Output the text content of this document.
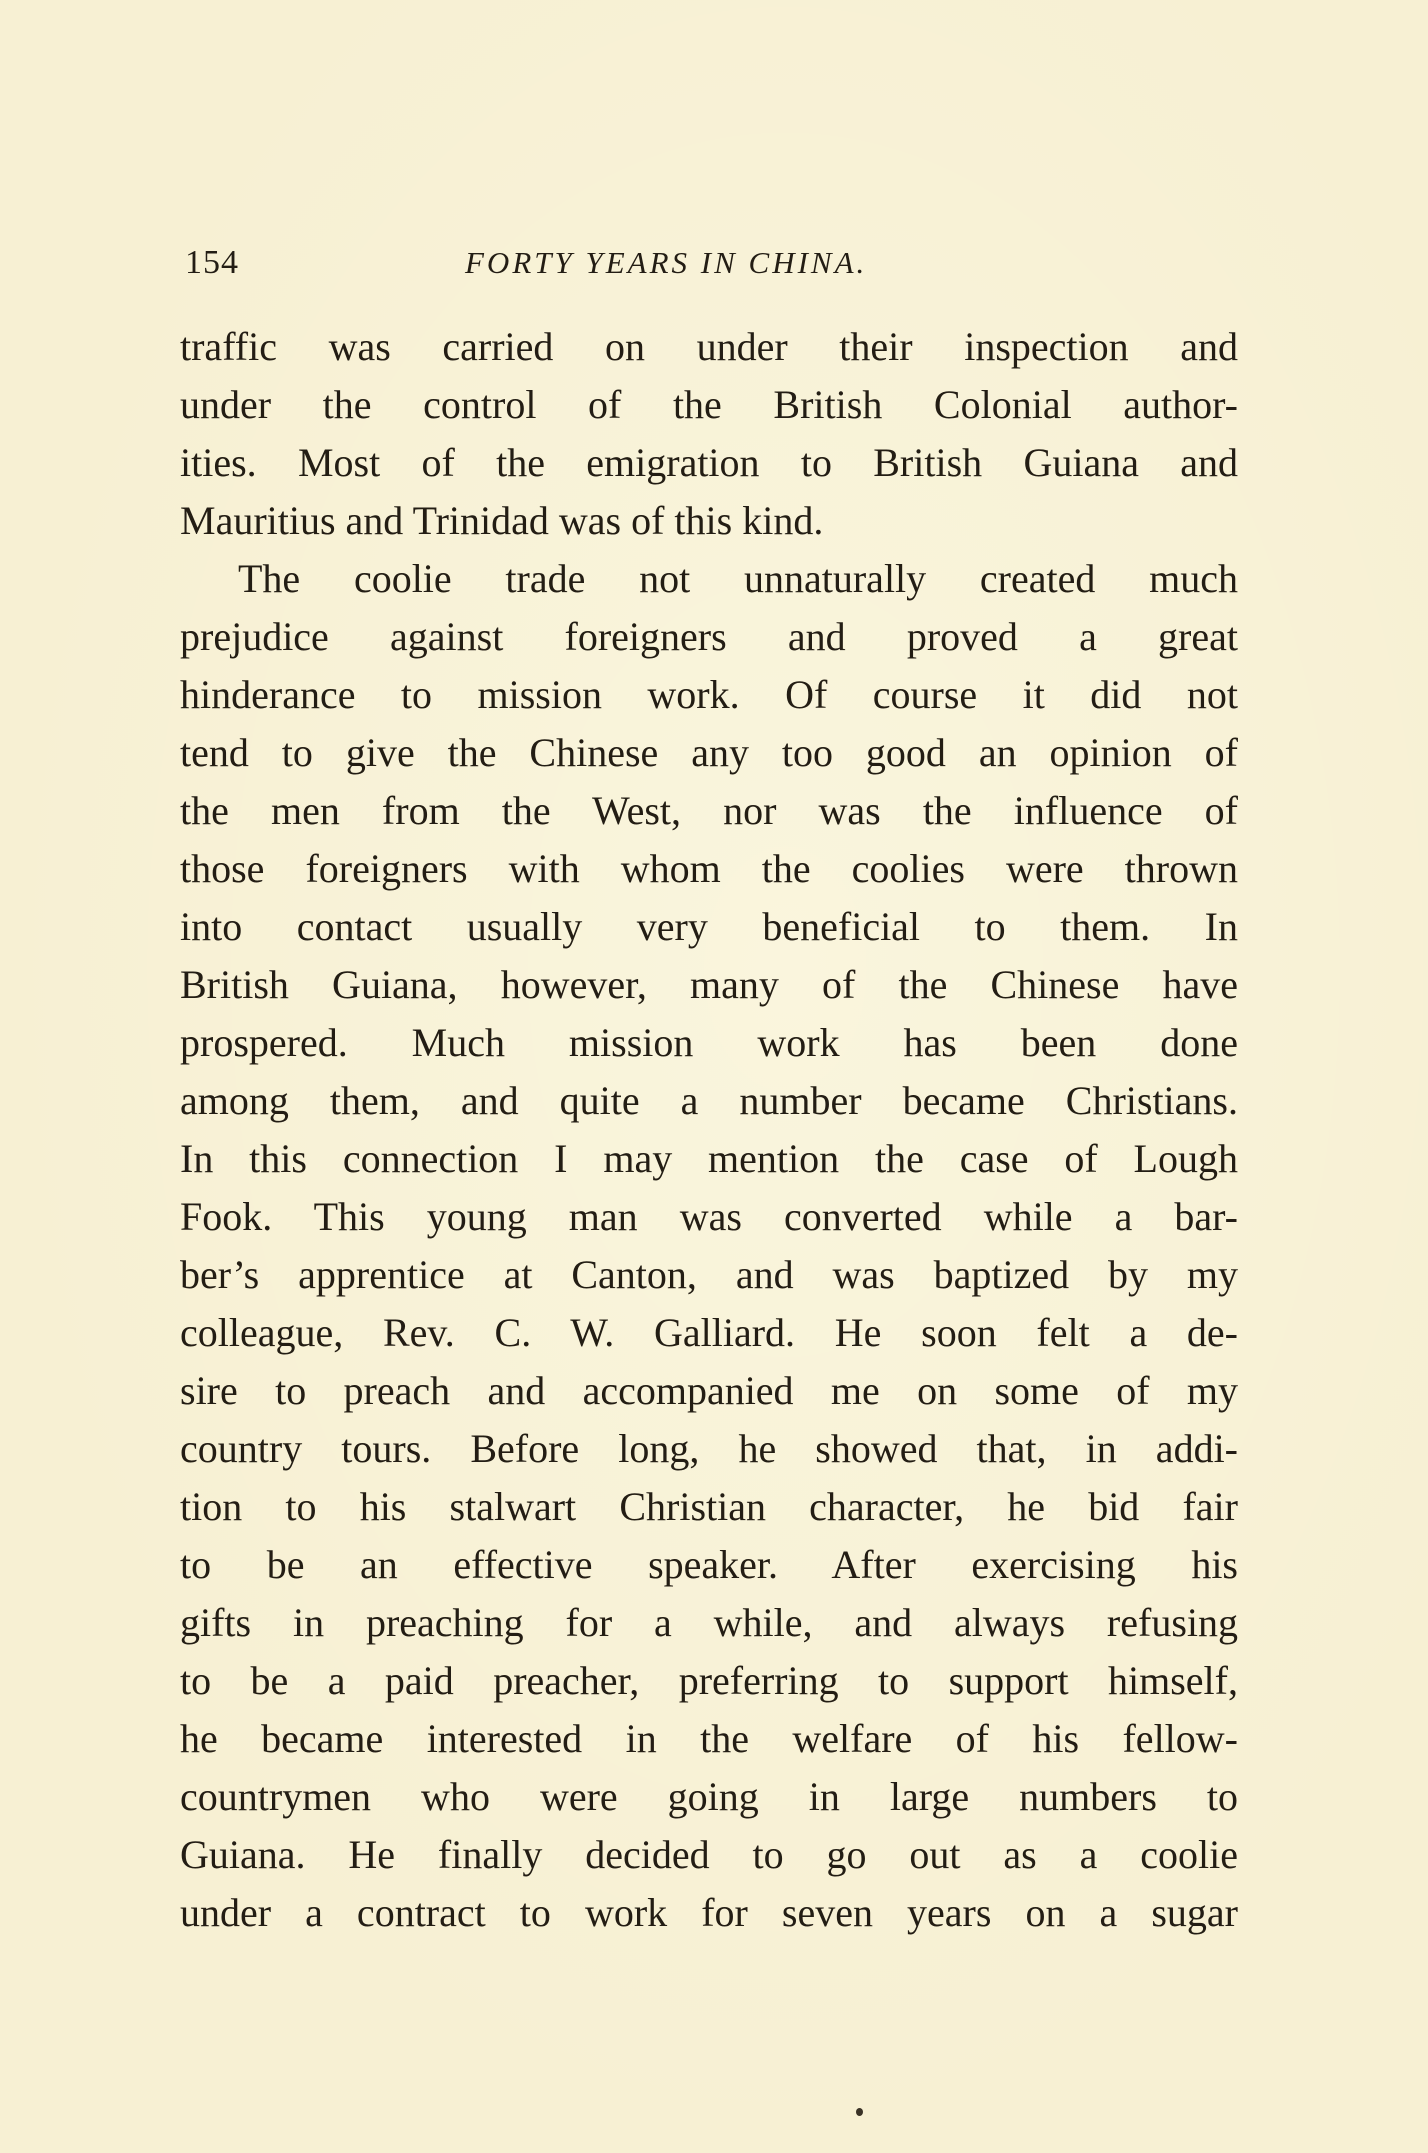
154	FORTY YEARS IN CHINA.
traffic was carried on under their inspection and
under the control of the British Colonial author-
ities. Most of the emigration to British Guiana and
Mauritius and Trinidad was of this kind.
The coolie trade not unnaturally created much
prejudice against foreigners and proved a great
hinderance to mission work. Of course it did not
tend to give the Chinese any too good an opinion of
the men from the West, nor was the influence of
those foreigners with whom the coolies were thrown
into contact usually very beneficial to them. In
British Guiana, however, many of the Chinese have
prospered. Much mission work has been done
among them, and quite a number became Christians.
In this connection I may mention the case of Lough
Fook. This young man was converted while a bar-
ber’s apprentice at Canton, and was baptized by my
colleague, Rev. C. W. Galliard. He soon felt a de-
sire to preach and accompanied me on some of my
country tours. Before long, he showed that, in addi-
tion to his stalwart Christian character, he bid fair
to be an effective speaker. After exercising his
gifts in preaching for a while, and always refusing
to be a paid preacher, preferring to support himself,
he became interested in the welfare of his fellow-
countrymen who were going in large numbers to
Guiana. He finally decided to go out as a coolie
under a contract to work for seven years on a sugar
